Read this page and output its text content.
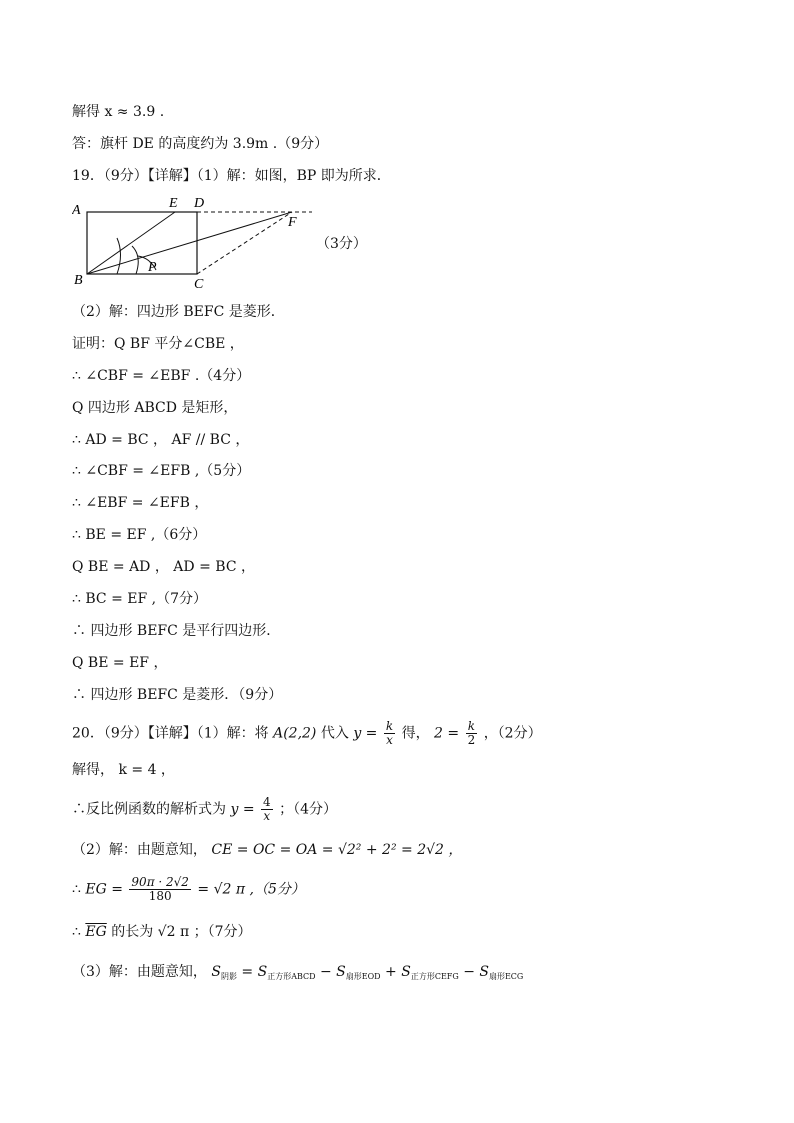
解得 x ≈ 3.9 .
答：旗杆 DE 的高度约为 3.9m .（9分）
19．（9分）【详解】（1）解：如图，BP 即为所求．
A	E D
F
B
P
C
（3分）
（2）解：四边形 BEFC 是菱形．
证明：Q BF 平分∠CBE ，
∴ ∠CBF = ∠EBF .（4分）
Q 四边形 ABCD 是矩形，
∴ AD = BC ， AF // BC ，
∴ ∠CBF = ∠EFB ,（5分）
∴ ∠EBF = ∠EFB ，
∴ BE = EF ,（6分）
Q BE = AD ， AD = BC ，
∴ BC = EF ,（7分）
∴ 四边形 BEFC 是平行四边形．
Q BE = EF ，
∴ 四边形 BEFC 是菱形．（9分）
20．（9分）【详解】（1）解：将 A(2,2) 代入 $y = \frac{k}{x}$ 得， $2 = \frac{k}{2}$ ，（2分）
解得， k = 4 ，
∴反比例函数的解析式为 $y = \frac{4}{x}$ ；（4分）
（2）解：由题意知， CE = OC = OA = √2² + 2² = 2√2 ，
∴ EG = $\frac{90\pi \cdot 2√2}{180} = √2$ π ,（5分）
∴ $\overline{EG}$ 的长为 √2 π ；（7分）
（3）解：由题意知， $S_{阴影} = S_{正方形ABCD} - S_{扇形EOD} + S_{正方形CEFG} - S_{扇形ECG}$
